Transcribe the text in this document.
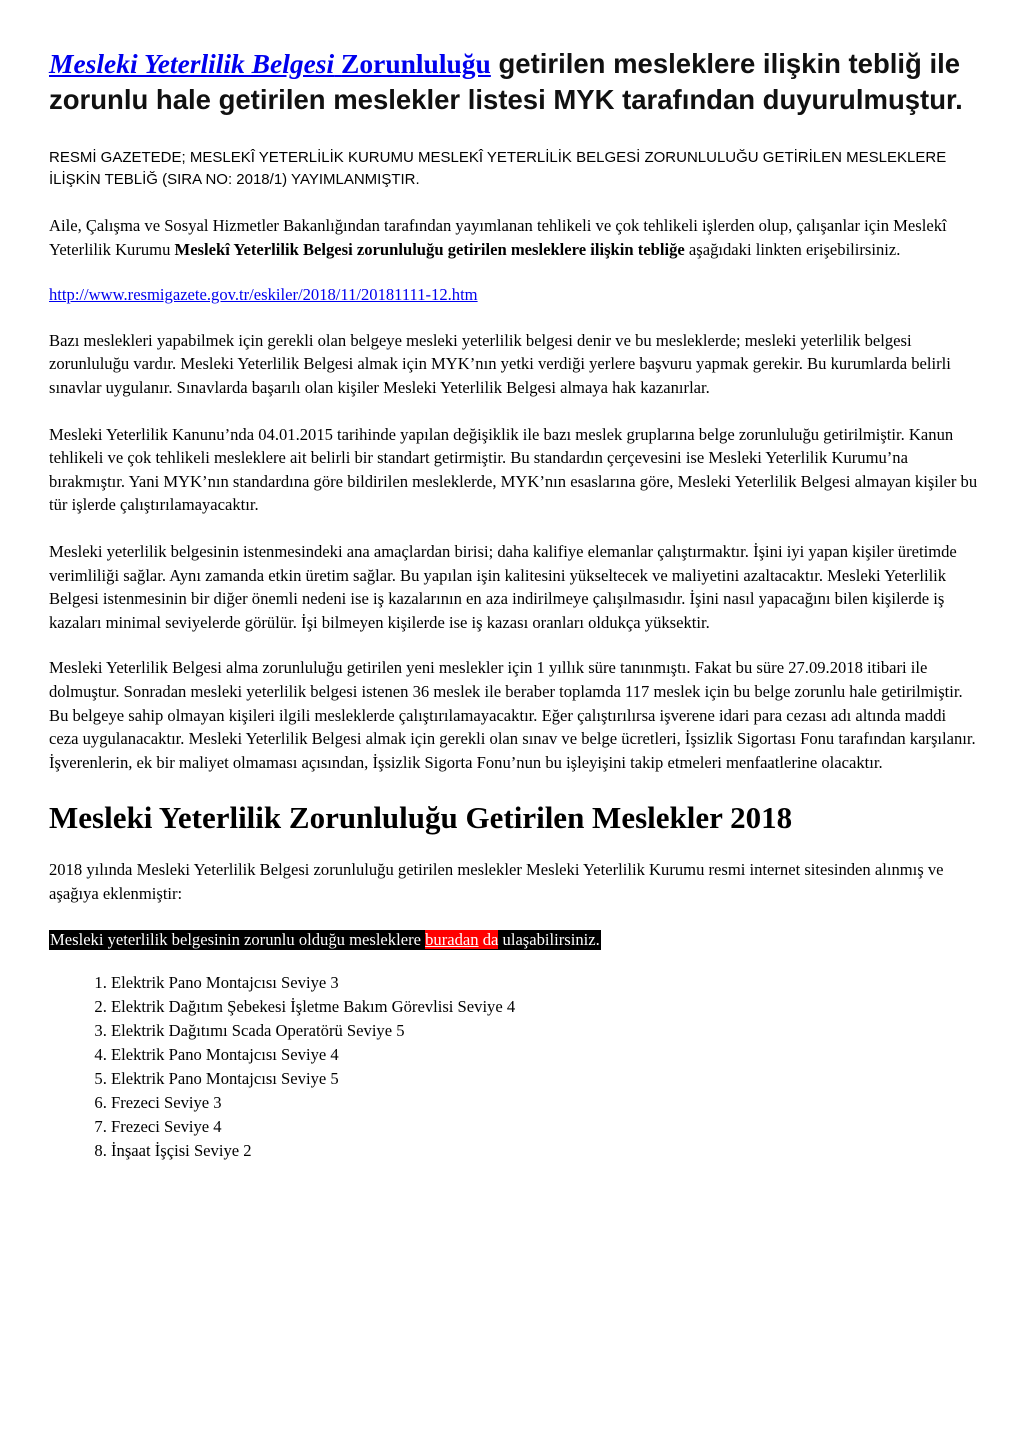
Mesleki Yeterlilik Belgesi Zorunluluğu getirilen mesleklere ilişkin tebliğ ile zorunlu hale getirilen meslekler listesi MYK tarafından duyurulmuştur.

RESMİ GAZETEDE; MESLEKÎ YETERLİLİK KURUMU MESLEKÎ YETERLİLİK BELGESİ ZORUNLULUĞU GETİRİLEN MESLEKLERE İLİŞKİN TEBLİĞ (SIRA NO: 2018/1) YAYIMLANMIŞTIR.

Aile, Çalışma ve Sosyal Hizmetler Bakanlığından tarafından yayımlanan tehlikeli ve çok tehlikeli işlerden olup, çalışanlar için Meslekî Yeterlilik Kurumu Meslekî Yeterlilik Belgesi zorunluluğu getirilen mesleklere ilişkin tebliğe aşağıdaki linkten erişebilirsiniz.

http://www.resmigazete.gov.tr/eskiler/2018/11/20181111-12.htm

Bazı meslekleri yapabilmek için gerekli olan belgeye mesleki yeterlilik belgesi denir ve bu mesleklerde; mesleki yeterlilik belgesi zorunluluğu vardır. Mesleki Yeterlilik Belgesi almak için MYK’nın yetki verdiği yerlere başvuru yapmak gerekir. Bu kurumlarda belirli sınavlar uygulanır. Sınavlarda başarılı olan kişiler Mesleki Yeterlilik Belgesi almaya hak kazanırlar.

Mesleki Yeterlilik Kanunu’nda 04.01.2015 tarihinde yapılan değişiklik ile bazı meslek gruplarına belge zorunluluğu getirilmiştir. Kanun tehlikeli ve çok tehlikeli mesleklere ait belirli bir standart getirmiştir. Bu standardın çerçevesini ise Mesleki Yeterlilik Kurumu’na bırakmıştır. Yani MYK’nın standardına göre bildirilen mesleklerde, MYK’nın esaslarına göre, Mesleki Yeterlilik Belgesi almayan kişiler bu tür işlerde çalıştırılamayacaktır.

Mesleki yeterlilik belgesinin istenmesindeki ana amaçlardan birisi; daha kalifiye elemanlar çalıştırmaktır. İşini iyi yapan kişiler üretimde verimliliği sağlar. Aynı zamanda etkin üretim sağlar. Bu yapılan işin kalitesini yükseltecek ve maliyetini azaltacaktır. Mesleki Yeterlilik Belgesi istenmesinin bir diğer önemli nedeni ise iş kazalarının en aza indirilmeye çalışılmasıdır. İşini nasıl yapacağını bilen kişilerde iş kazaları minimal seviyelerde görülür. İşi bilmeyen kişilerde ise iş kazası oranları oldukça yüksektir.

Mesleki Yeterlilik Belgesi alma zorunluluğu getirilen yeni meslekler için 1 yıllık süre tanınmıştı. Fakat bu süre 27.09.2018 itibari ile dolmuştur. Sonradan mesleki yeterlilik belgesi istenen 36 meslek ile beraber toplamda 117 meslek için bu belge zorunlu hale getirilmiştir. Bu belgeye sahip olmayan kişileri ilgili mesleklerde çalıştırılamayacaktır. Eğer çalıştırılırsa işverene idari para cezası adı altında maddi ceza uygulanacaktır. Mesleki Yeterlilik Belgesi almak için gerekli olan sınav ve belge ücretleri, İşsizlik Sigortası Fonu tarafından karşılanır. İşverenlerin, ek bir maliyet olmaması açısından, İşsizlik Sigorta Fonu’nun bu işleyişini takip etmeleri menfaatlerine olacaktır.

Mesleki Yeterlilik Zorunluluğu Getirilen Meslekler 2018

2018 yılında Mesleki Yeterlilik Belgesi zorunluluğu getirilen meslekler Mesleki Yeterlilik Kurumu resmi internet sitesinden alınmış ve aşağıya eklenmiştir:

Mesleki yeterlilik belgesinin zorunlu olduğu mesleklere buradan da ulaşabilirsiniz.

1. Elektrik Pano Montajcısı Seviye 3
2. Elektrik Dağıtım Şebekesi İşletme Bakım Görevlisi Seviye 4
3. Elektrik Dağıtımı Scada Operatörü Seviye 5
4. Elektrik Pano Montajcısı Seviye 4
5. Elektrik Pano Montajcısı Seviye 5
6. Frezeci Seviye 3
7. Frezeci Seviye 4
8. İnşaat İşçisi Seviye 2
